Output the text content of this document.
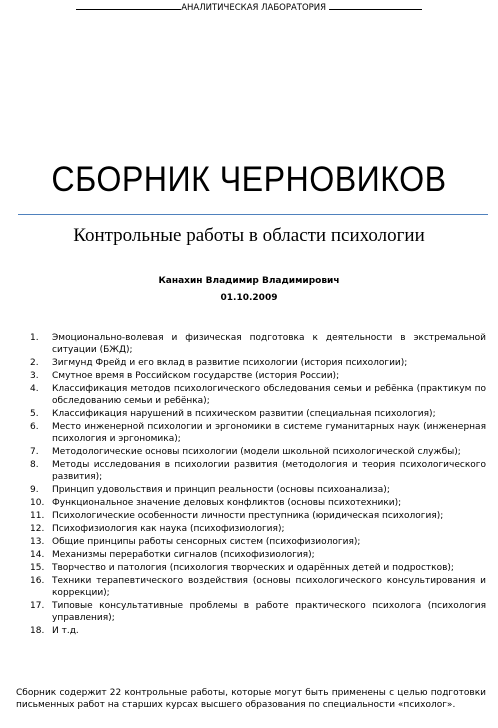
АНАЛИТИЧЕСКАЯ ЛАБОРАТОРИЯ
СБОРНИК ЧЕРНОВИКОВ
Контрольные работы в области психологии
Канахин Владимир Владимирович
01.10.2009
1.	Эмоционально-волевая и физическая подготовка к деятельности в экстремальной ситуации (БЖД);
2.	Зигмунд Фрейд и его вклад в развитие психологии (история психологии);
3.	Смутное время в Российском государстве (история России);
4.	Классификация методов психологического обследования семьи и ребёнка (практикум по обследованию семьи и ребёнка);
5.	Классификация нарушений в психическом развитии (специальная психология);
6.	Место инженерной психологии и эргономики в системе гуманитарных наук (инженерная психология и эргономика);
7.	Методологические основы психологии (модели школьной психологической службы);
8.	Методы исследования в психологии развития (методология и теория психологического развития);
9.	Принцип удовольствия и принцип реальности (основы психоанализа);
10. Функциональное значение деловых конфликтов (основы психотехники);
11. Психологические особенности личности преступника (юридическая психология);
12. Психофизиология как наука (психофизиология);
13. Общие принципы работы сенсорных систем (психофизиология);
14. Механизмы переработки сигналов (психофизиология);
15. Творчество и патология (психология творческих и одарённых детей и подростков);
16. Техники терапевтического воздействия (основы психологического консультирования и коррекции);
17. Типовые консультативные проблемы в работе практического психолога (психология управления);
18. И т.д.
Сборник содержит 22 контрольные работы, которые могут быть применены с целью подготовки письменных работ на старших курсах высшего образования по специальности «психолог».
